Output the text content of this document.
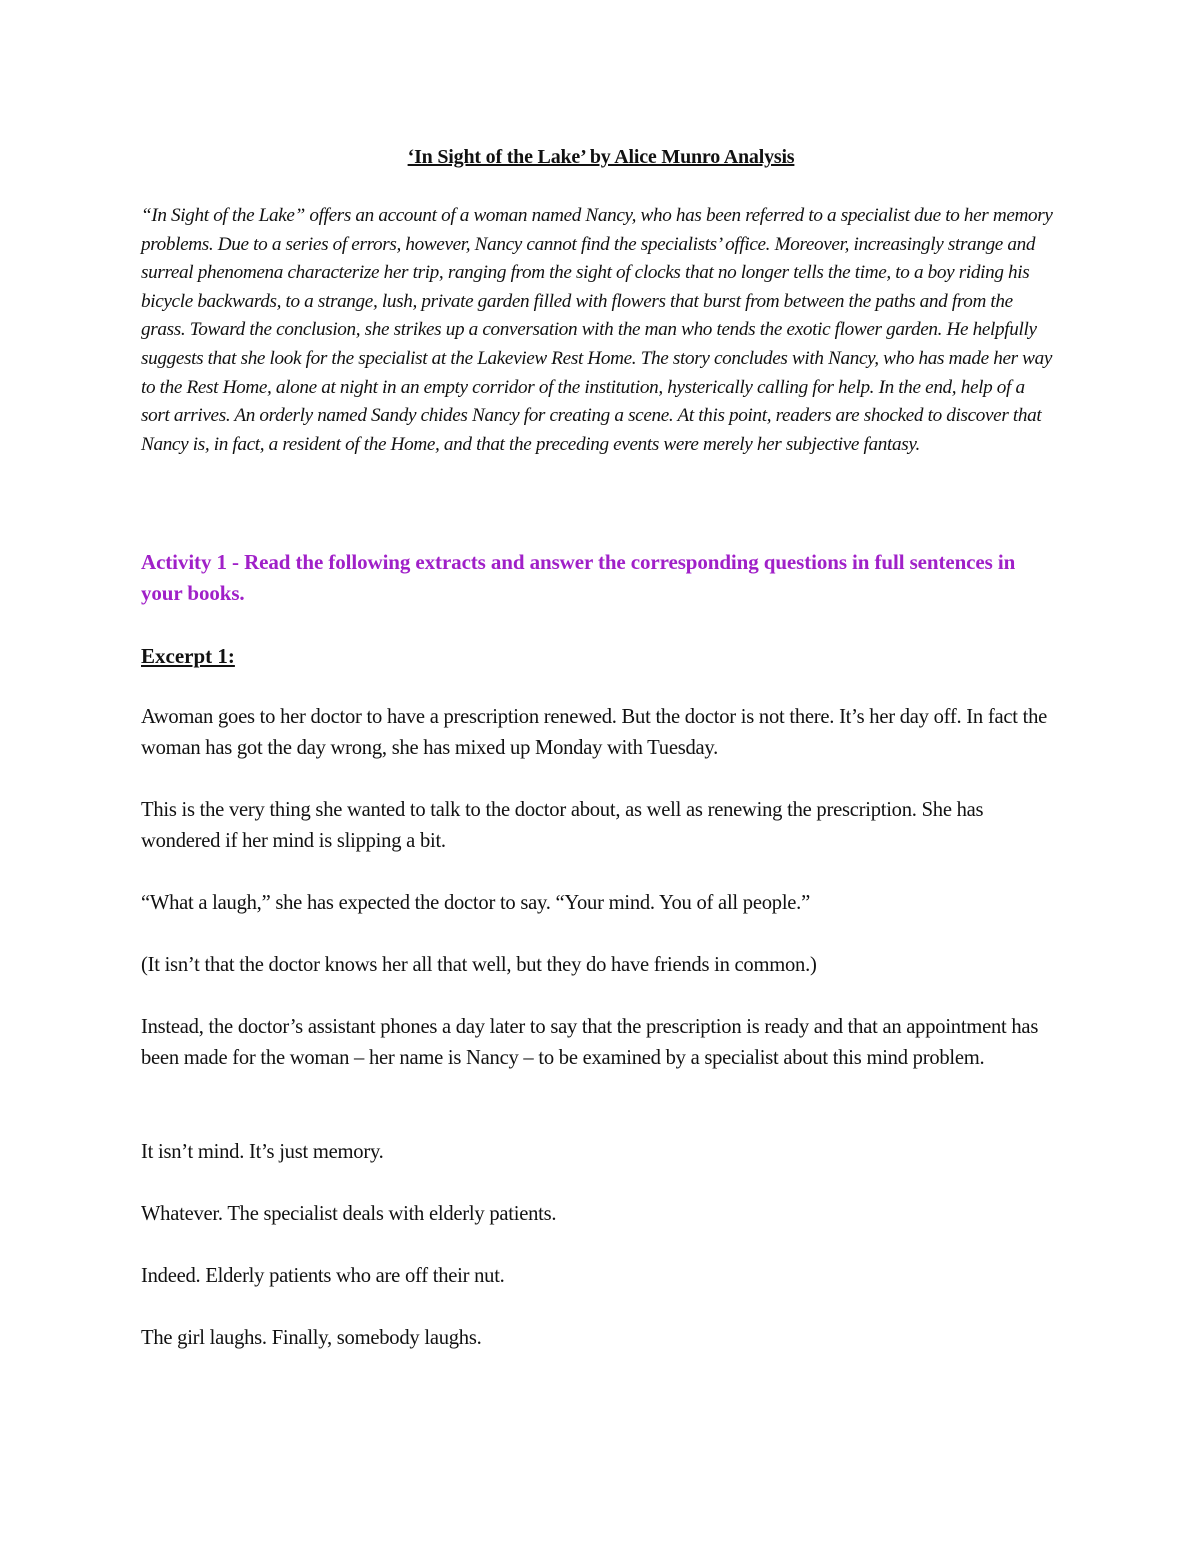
‘In Sight of the Lake’ by Alice Munro Analysis

“In Sight of the Lake” offers an account of a woman named Nancy, who has been referred to a specialist due to her memory problems. Due to a series of errors, however, Nancy cannot find the specialists’ office. Moreover, increasingly strange and surreal phenomena characterize her trip, ranging from the sight of clocks that no longer tells the time, to a boy riding his bicycle backwards, to a strange, lush, private garden filled with flowers that burst from between the paths and from the grass. Toward the conclusion, she strikes up a conversation with the man who tends the exotic flower garden. He helpfully suggests that she look for the specialist at the Lakeview Rest Home. The story concludes with Nancy, who has made her way to the Rest Home, alone at night in an empty corridor of the institution, hysterically calling for help. In the end, help of a sort arrives. An orderly named Sandy chides Nancy for creating a scene. At this point, readers are shocked to discover that Nancy is, in fact, a resident of the Home, and that the preceding events were merely her subjective fantasy.

Activity 1 - Read the following extracts and answer the corresponding questions in full sentences in your books.

Excerpt 1:

Awoman goes to her doctor to have a prescription renewed. But the doctor is not there. It’s her day off. In fact the woman has got the day wrong, she has mixed up Monday with Tuesday.

This is the very thing she wanted to talk to the doctor about, as well as renewing the prescription. She has wondered if her mind is slipping a bit.

“What a laugh,” she has expected the doctor to say. “Your mind. You of all people.”

(It isn’t that the doctor knows her all that well, but they do have friends in common.)

Instead, the doctor’s assistant phones a day later to say that the prescription is ready and that an appointment has been made for the woman – her name is Nancy – to be examined by a specialist about this mind problem.

It isn’t mind. It’s just memory.

Whatever. The specialist deals with elderly patients.

Indeed. Elderly patients who are off their nut.

The girl laughs. Finally, somebody laughs.
